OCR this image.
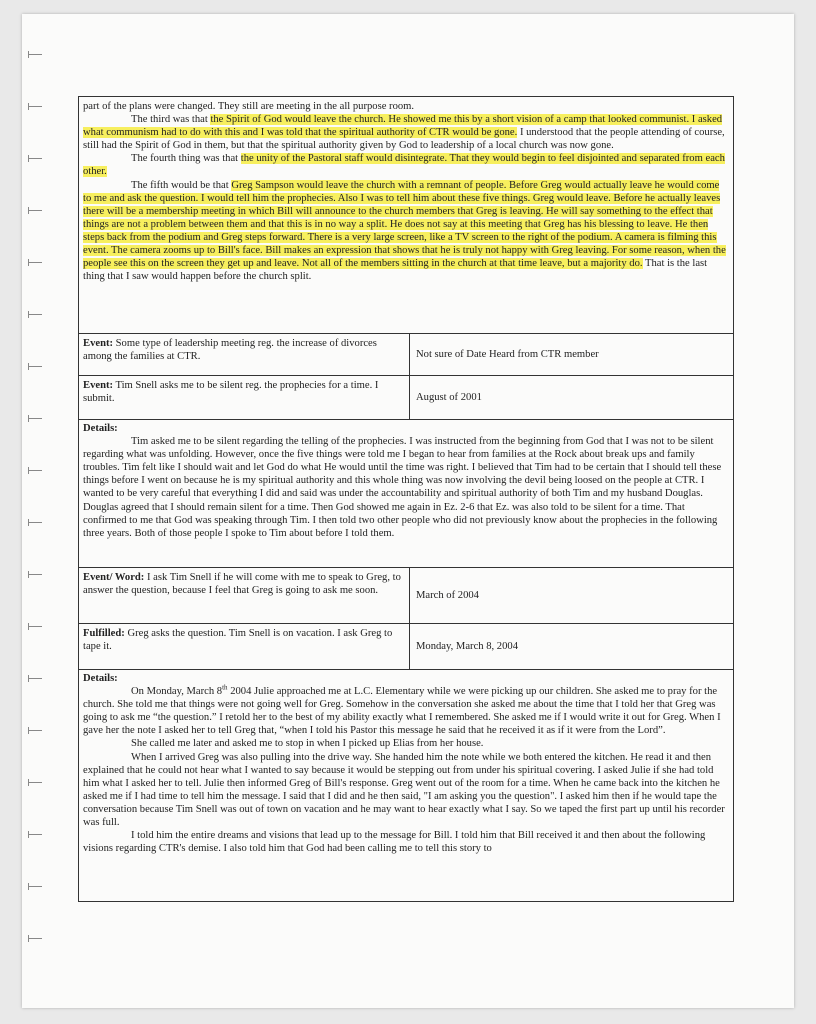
part of the plans were changed. They still are meeting in the all purpose room.

The third was that the Spirit of God would leave the church. He showed me this by a short vision of a camp that looked communist. I asked what communism had to do with this and I was told that the spiritual authority of CTR would be gone. I understood that the people attending of course, still had the Spirit of God in them, but that the spiritual authority given by God to leadership of a local church was now gone.

The fourth thing was that the unity of the Pastoral staff would disintegrate. That they would begin to feel disjointed and separated from each other.

The fifth would be that Greg Sampson would leave the church with a remnant of people. Before Greg would actually leave he would come to me and ask the question. I would tell him the prophecies. Also I was to tell him about these five things. Greg would leave. Before he actually leaves there will be a membership meeting in which Bill will announce to the church members that Greg is leaving. He will say something to the effect that things are not a problem between them and that this is in no way a split. He does not say at this meeting that Greg has his blessing to leave. He then steps back from the podium and Greg steps forward. There is a very large screen, like a TV screen to the right of the podium. A camera is filming this event. The camera zooms up to Bill's face. Bill makes an expression that shows that he is truly not happy with Greg leaving. For some reason, when the people see this on the screen they get up and leave. Not all of the members sitting in the church at that time leave, but a majority do. That is the last thing that I saw would happen before the church split.

Event: Some type of leadership meeting reg. the increase of divorces among the families at CTR.	Not sure of Date Heard from CTR member
Event: Tim Snell asks me to be silent reg. the prophecies for a time. I submit.	August of 2001

Details:

Tim asked me to be silent regarding the telling of the prophecies. I was instructed from the beginning from God that I was not to be silent regarding what was unfolding. However, once the five things were told me I began to hear from families at the Rock about break ups and family troubles. Tim felt like I should wait and let God do what He would until the time was right. I believed that Tim had to be certain that I should tell these things before I went on because he is my spiritual authority and this whole thing was now involving the devil being loosed on the people at CTR. I wanted to be very careful that everything I did and said was under the accountability and spiritual authority of both Tim and my husband Douglas. Douglas agreed that I should remain silent for a time. Then God showed me again in Ez. 2-6 that Ez. was also told to be silent for a time. That confirmed to me that God was speaking through Tim. I then told two other people who did not previously know about the prophecies in the following three years. Both of those people I spoke to Tim about before I told them.

Event/ Word: I ask Tim Snell if he will come with me to speak to Greg, to answer the question, because I feel that Greg is going to ask me soon.	March of 2004
Fulfilled: Greg asks the question. Tim Snell is on vacation. I ask Greg to tape it.	Monday, March 8, 2004

Details:

On Monday, March 8th 2004 Julie approached me at L.C. Elementary while we were picking up our children. She asked me to pray for the church. She told me that things were not going well for Greg. Somehow in the conversation she asked me about the time that I told her that Greg was going to ask me “the question.” I retold her to the best of my ability exactly what I remembered. She asked me if I would write it out for Greg. When I gave her the note I asked her to tell Greg that, “when I told his Pastor this message he said that he received it as if it were from the Lord”.

She called me later and asked me to stop in when I picked up Elias from her house.

When I arrived Greg was also pulling into the drive way. She handed him the note while we both entered the kitchen. He read it and then explained that he could not hear what I wanted to say because it would be stepping out from under his spiritual covering. I asked Julie if she had told him what I asked her to tell. Julie then informed Greg of Bill's response. Greg went out of the room for a time. When he came back into the kitchen he asked me if I had time to tell him the message. I said that I did and he then said, "I am asking you the question". I asked him then if he would tape the conversation because Tim Snell was out of town on vacation and he may want to hear exactly what I say. So we taped the first part up until his recorder was full.

I told him the entire dreams and visions that lead up to the message for Bill. I told him that Bill received it and then about the following visions regarding CTR's demise. I also told him that God had been calling me to tell this story to
